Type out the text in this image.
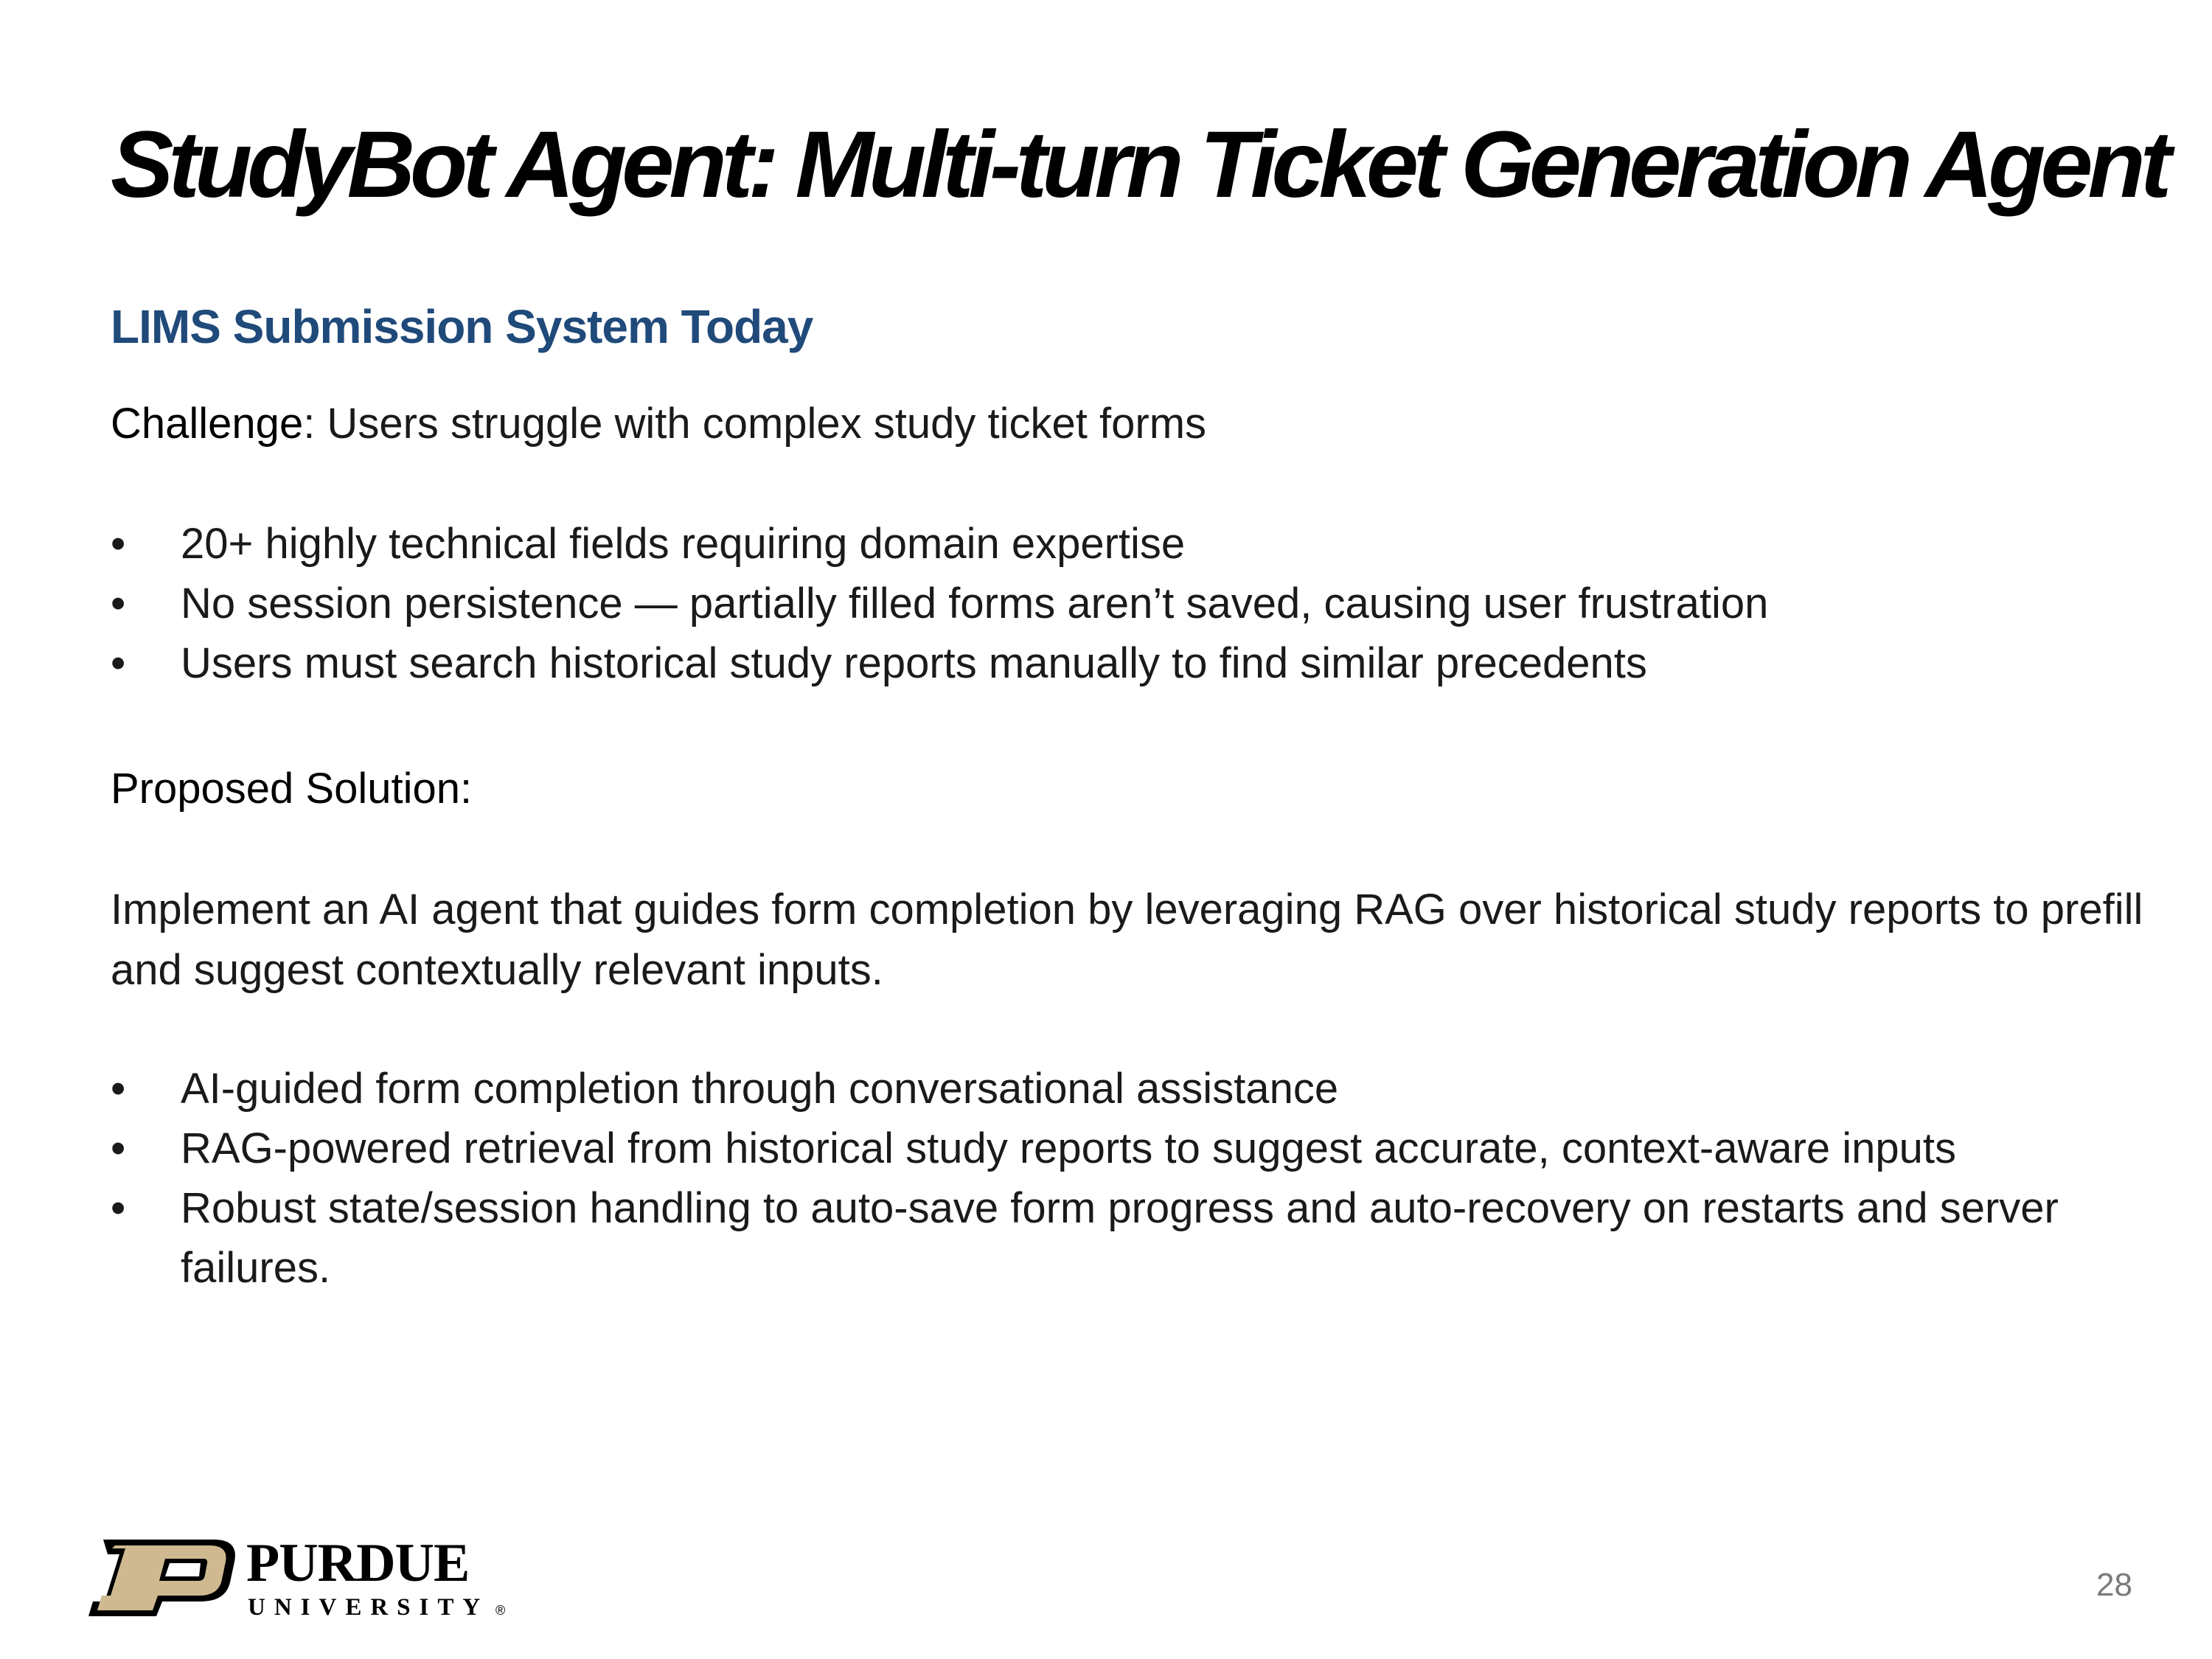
StudyBot Agent: Multi-turn Ticket Generation Agent
LIMS Submission System Today

Challenge: Users struggle with complex study ticket forms

• 20+ highly technical fields requiring domain expertise
• No session persistence — partially filled forms aren’t saved, causing user frustration
• Users must search historical study reports manually to find similar precedents

Proposed Solution:

Implement an AI agent that guides form completion by leveraging RAG over historical study reports to prefill and suggest contextually relevant inputs.

• AI-guided form completion through conversational assistance
• RAG-powered retrieval from historical study reports to suggest accurate, context-aware inputs
• Robust state/session handling to auto-save form progress and auto-recovery on restarts and server failures.
PURDUE
UNIVERSITY ®
28
